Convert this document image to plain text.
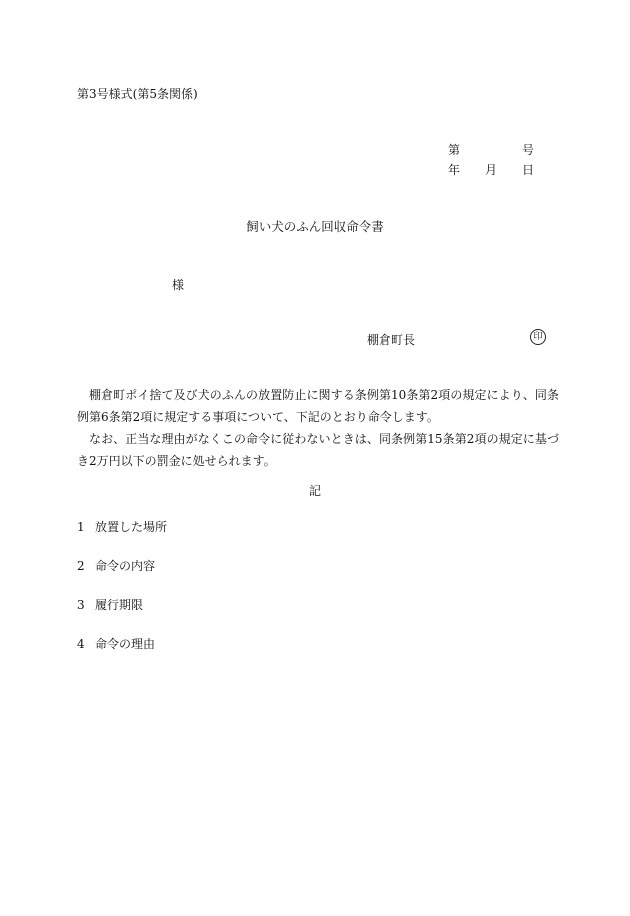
第3号様式(第5条関係)
第	号
年 月 日
飼い犬のふん回収命令書
様
棚倉町長	印

棚倉町ポイ捨て及び犬のふんの放置防止に関する条例第10条第2項の規定により、同条例第6条第2項に規定する事項について、下記のとおり命令します。

なお、正当な理由がなくこの命令に従わないときは、同条例第15条第2項の規定に基づき2万円以下の罰金に処せられます。

記
1 放置した場所
2 命令の内容
3 履行期限
4 命令の理由
